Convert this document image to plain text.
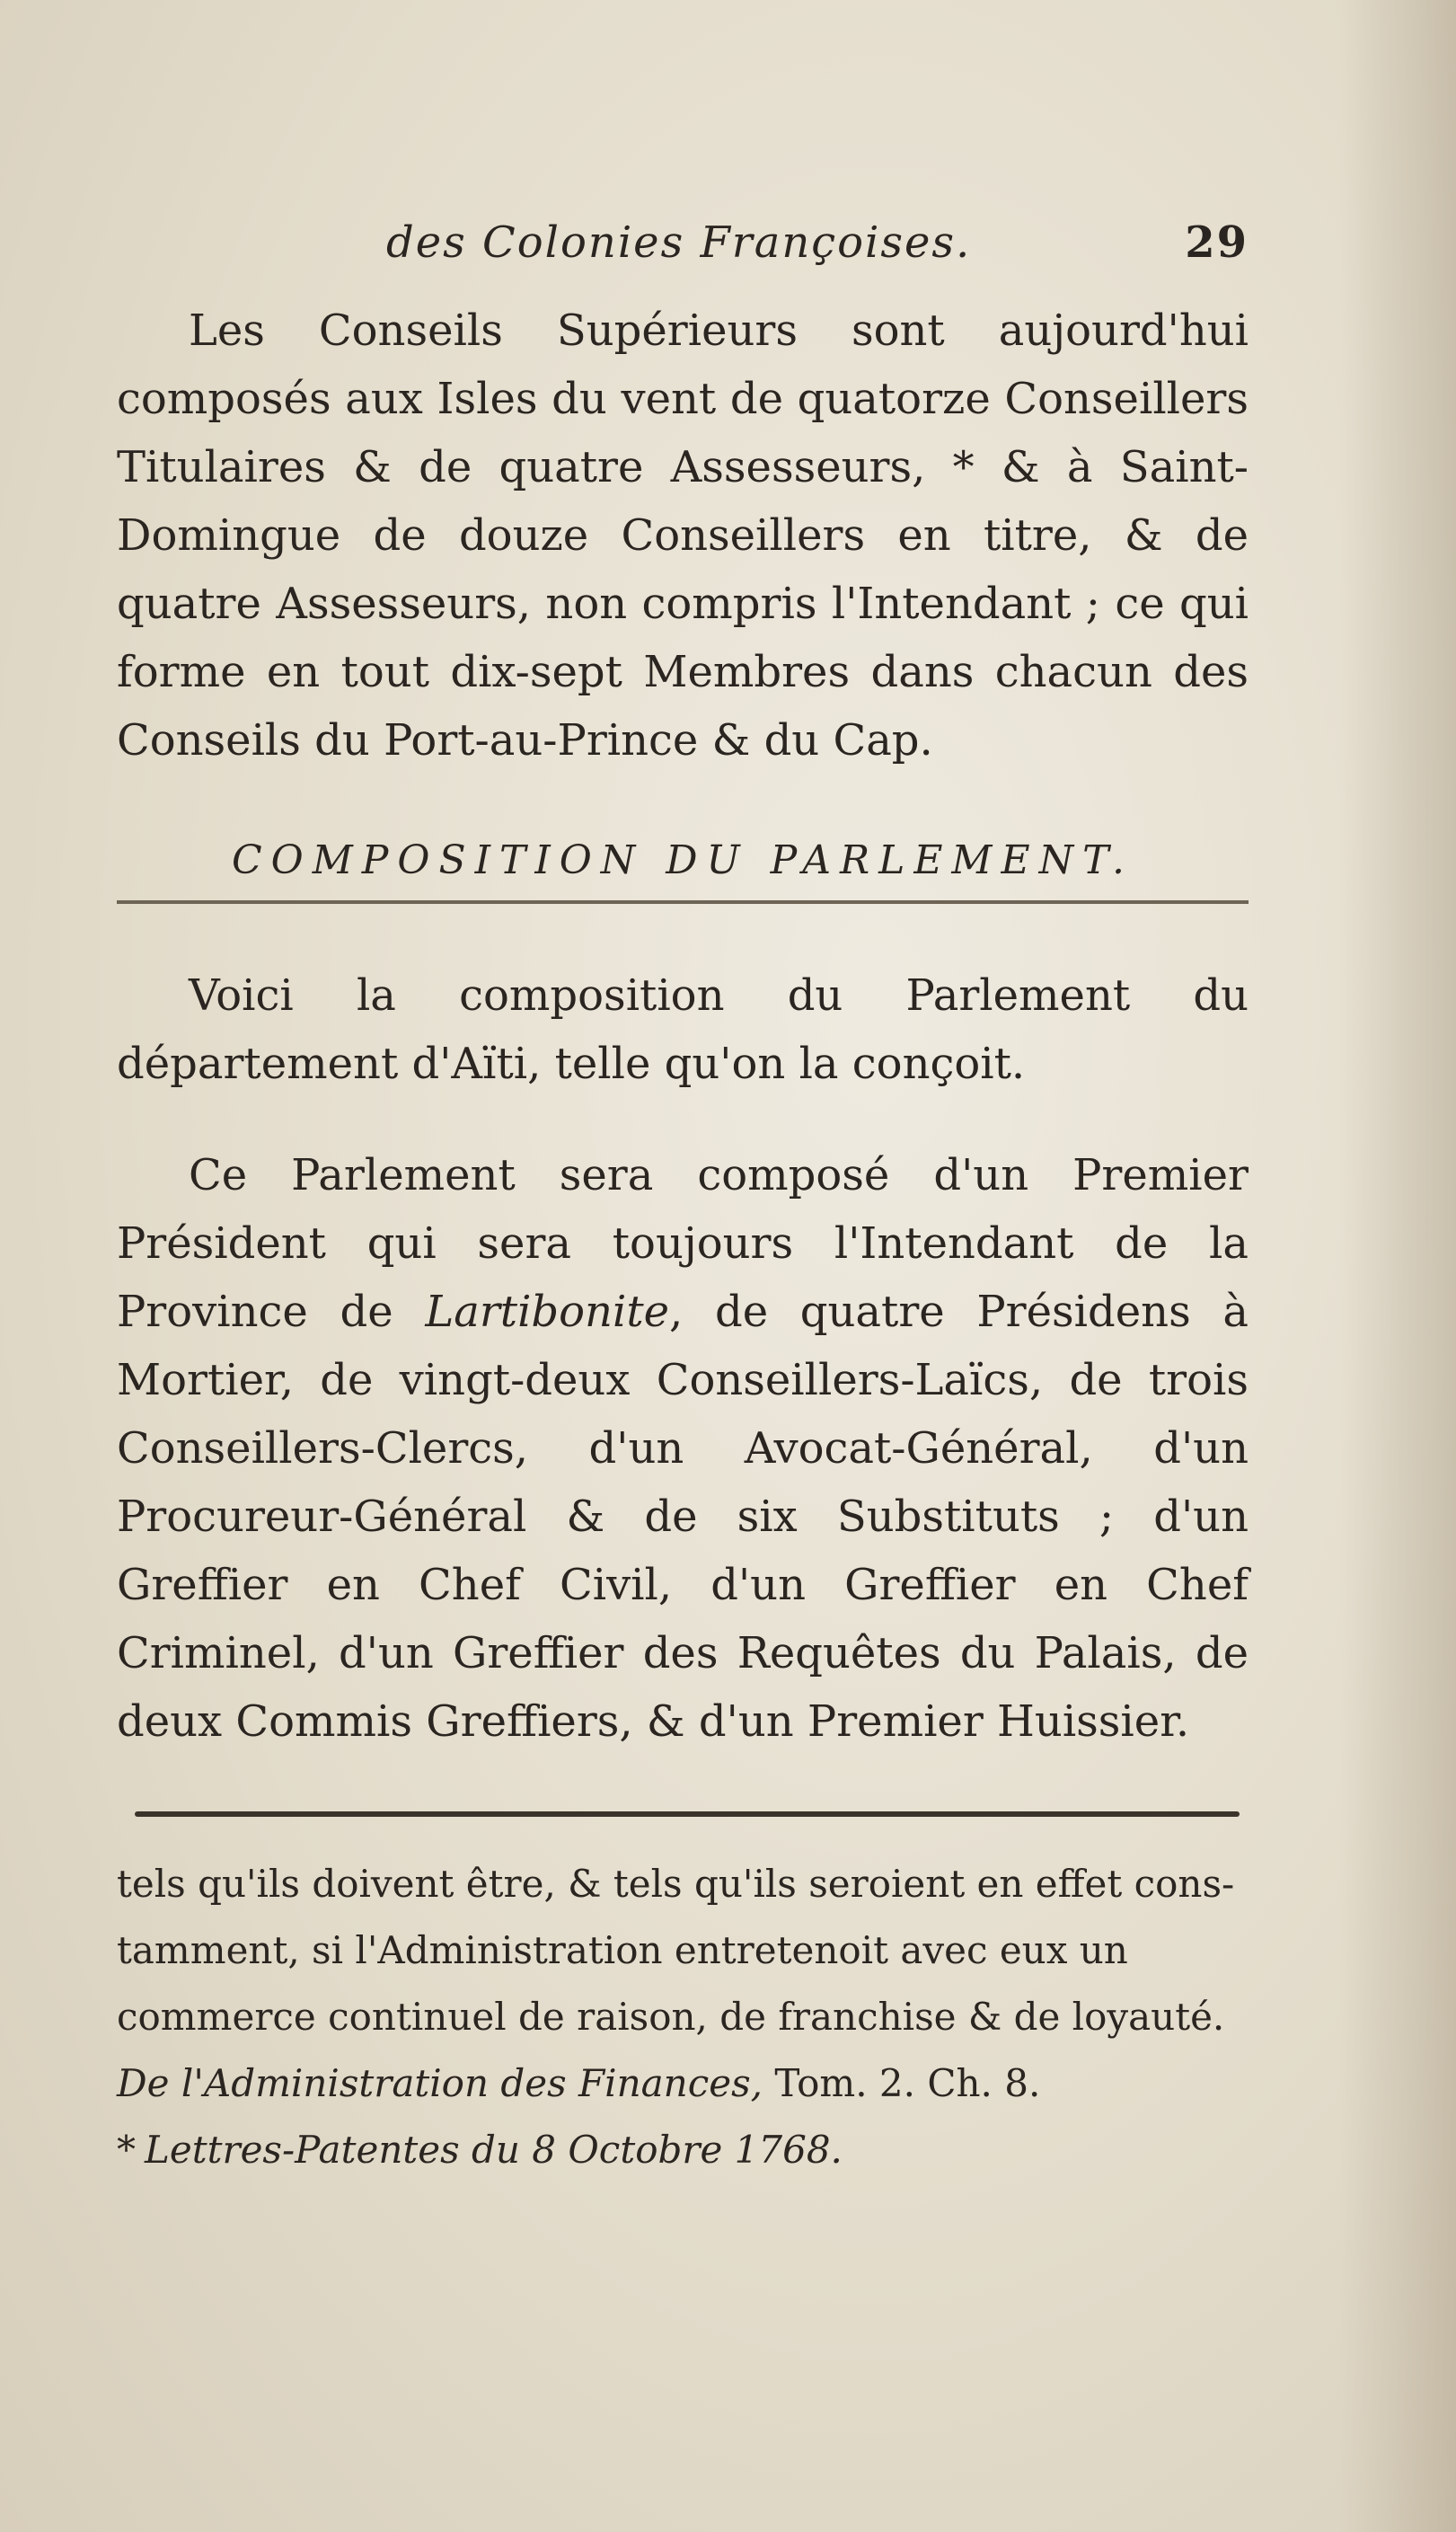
des Colonies Françoises.	29
Les Conseils Supérieurs sont aujourd'hui composés aux Isles du vent de quatorze Conseillers Titulaires & de quatre Assesseurs, * & à Saint-Domingue de douze Conseillers en titre, & de quatre Assesseurs, non compris l'Intendant ; ce qui forme en tout dix-sept Membres dans chacun des Conseils du Port-au-Prince & du Cap.
COMPOSITION DU PARLEMENT.
Voici la composition du Parlement du département d'Aïti, telle qu'on la conçoit.
Ce Parlement sera composé d'un Premier Président qui sera toujours l'Intendant de la Province de Lartibonite, de quatre Présidens à Mortier, de vingt-deux Conseillers-Laïcs, de trois Conseillers-Clercs, d'un Avocat-Général, d'un Procureur-Général & de six Substituts ; d'un Greffier en Chef Civil, d'un Greffier en Chef Criminel, d'un Greffier des Requêtes du Palais, de deux Commis Greffiers, & d'un Premier Huissier.
tels qu'ils doivent être, & tels qu'ils seroient en effet cons-
tamment, si l'Administration entretenoit avec eux un
commerce continuel de raison, de franchise & de loyauté.
De l'Administration des Finances, Tom. 2. Ch. 8.
* Lettres-Patentes du 8 Octobre 1768.
